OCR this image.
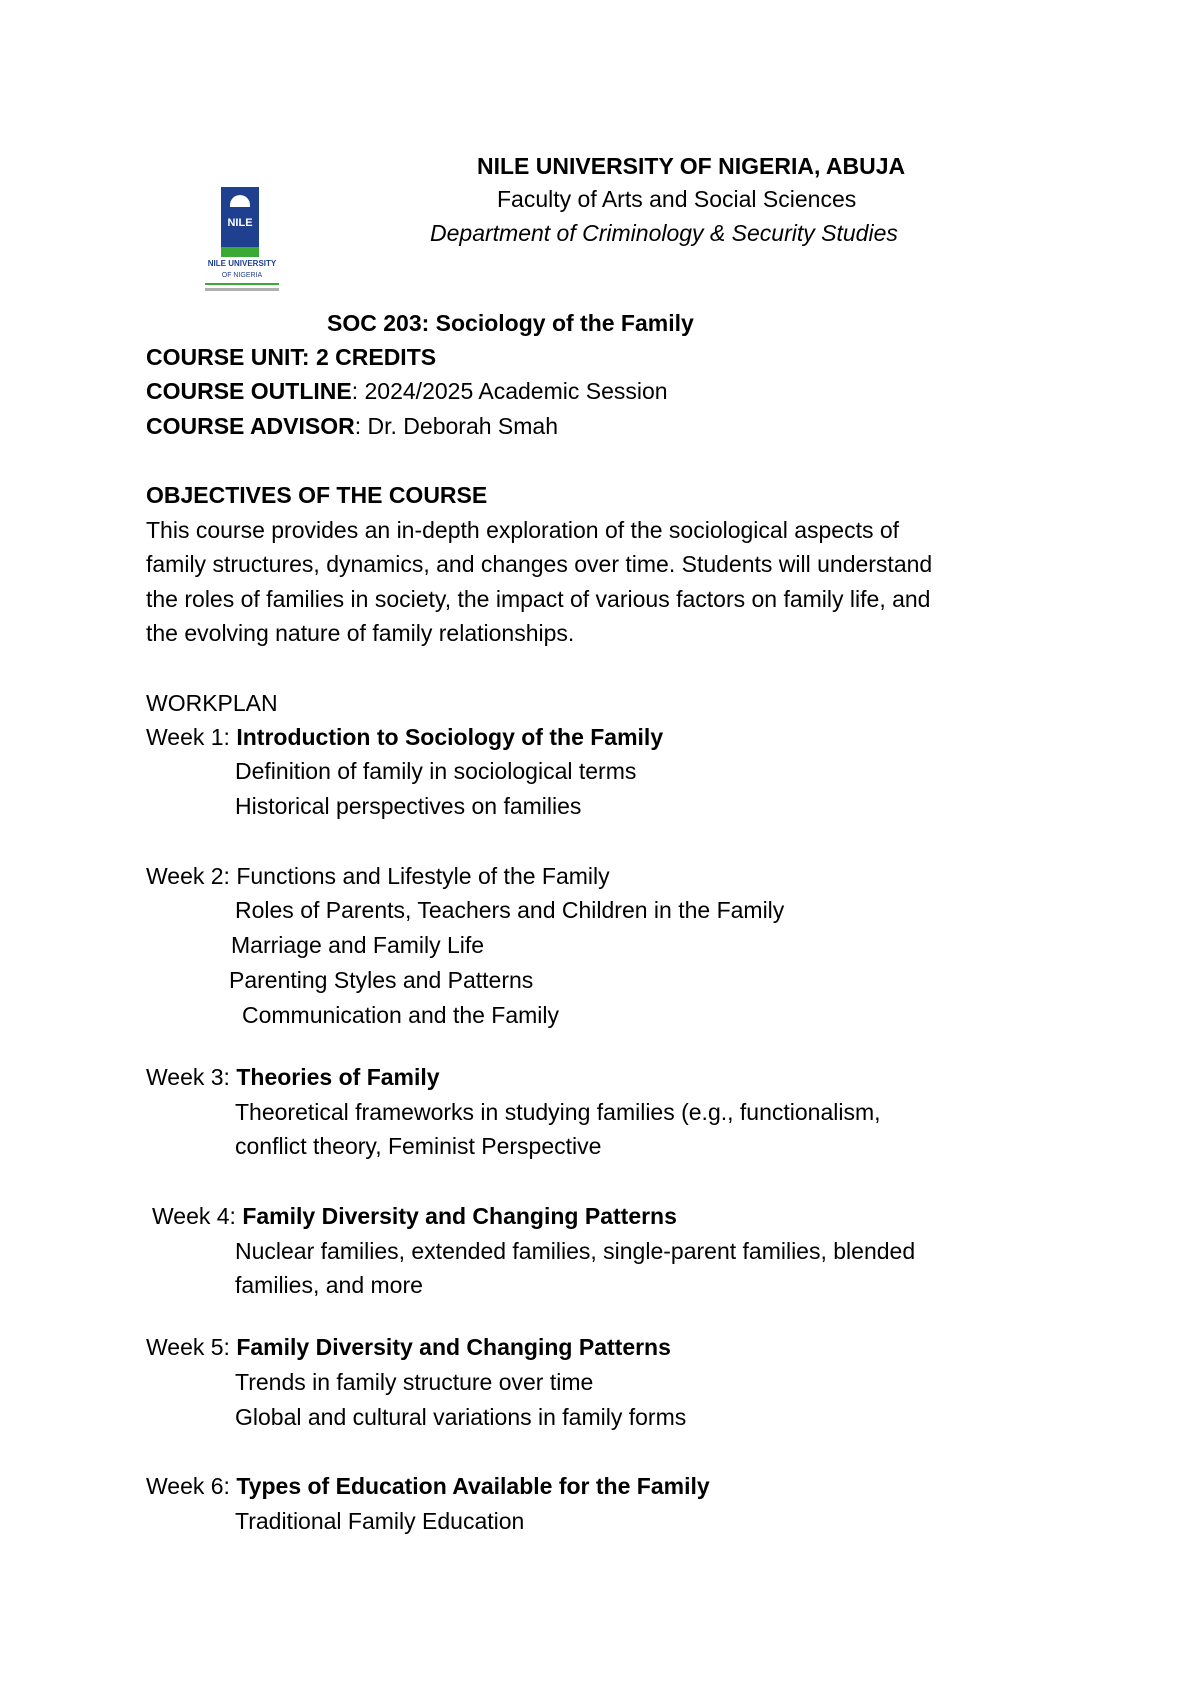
NILE
NILE UNIVERSITY
OF NIGERIA
NILE UNIVERSITY OF NIGERIA, ABUJA
Faculty of Arts and Social Sciences
Department of Criminology & Security Studies
SOC 203: Sociology of the Family
COURSE UNIT: 2 CREDITS
COURSE OUTLINE: 2024/2025 Academic Session
COURSE ADVISOR: Dr. Deborah Smah
OBJECTIVES OF THE COURSE
This course provides an in-depth exploration of the sociological aspects of
family structures, dynamics, and changes over time. Students will understand
the roles of families in society, the impact of various factors on family life, and
the evolving nature of family relationships.
WORKPLAN
Week 1: Introduction to Sociology of the Family
Definition of family in sociological terms
Historical perspectives on families
Week 2: Functions and Lifestyle of the Family
Roles of Parents, Teachers and Children in the Family
Marriage and Family Life
Parenting Styles and Patterns
Communication and the Family
Week 3: Theories of Family
Theoretical frameworks in studying families (e.g., functionalism,
conflict theory, Feminist Perspective
Week 4: Family Diversity and Changing Patterns
Nuclear families, extended families, single-parent families, blended
families, and more
Week 5: Family Diversity and Changing Patterns
Trends in family structure over time
Global and cultural variations in family forms
Week 6: Types of Education Available for the Family
Traditional Family Education
